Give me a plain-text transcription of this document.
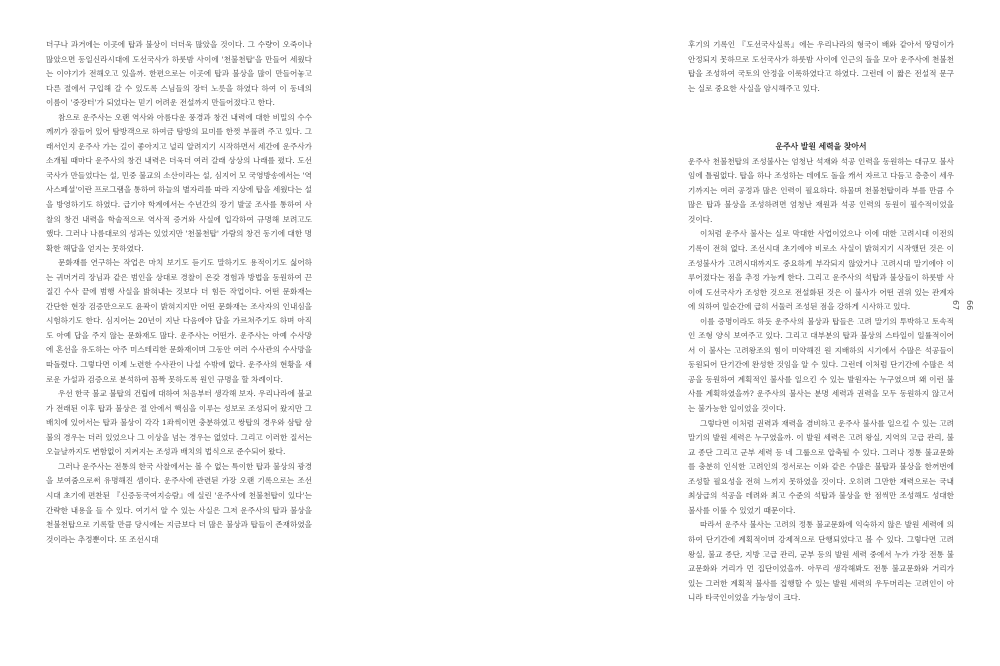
더구나 과거에는 이곳에 탑과 불상이 더더욱 많았을 것이다. 그 수량이 오죽이나 많았으면 동일신라시대에 도선국사가 하룻밤 사이에 '천불천탑'을 만들어 세웠다는 이야기가 전해오고 있을까. 한편으로는 이곳에 탑과 불상을 많이 만들어놓고 다른 절에서 구입해 갈 수 있도록 스님들의 장터 노릇을 하였다 하여 이 동네의 이름이 '중장터'가 되었다는 믿기 어려운 전설까지 만들어졌다고 한다.

참으로 운주사는 오랜 역사와 아름다운 풍경과 창건 내력에 대한 비밀의 수수께끼가 잠들어 있어 탐방객으로 하여금 탐방의 묘미를 한껏 부풀려 주고 있다. 그래서인지 운주사 가는 길이 좋아지고 널리 알려지기 시작하면서 세간에 운주사가 소개될 때마다 운주사의 창건 내력은 더욱더 여러 갈래 상상의 나래를 폈다. 도선국사가 만들었다는 설, 민중 불교의 소산이라는 설, 심지어 모 국영방송에서는 '역사스페셜'이란 프로그램을 통하여 하늘의 별자리를 따라 지상에 탑을 세웠다는 설을 방영하기도 하였다. 급기야 학계에서는 수년간의 장기 발굴 조사를 통하여 사찰의 창건 내력을 학술적으로 역사적 증거와 사실에 입각하여 규명해 보려고도 했다. 그러나 나름대로의 성과는 있었지만 '천불천탑' 가람의 창건 동기에 대한 명확한 해답을 얻지는 못하였다.

문화재를 연구하는 작업은 마치 보기도 듣기도 말하기도 용적이기도 싫어하는 귀머거리 장님과 같은 범인을 상대로 경찰이 온갖 경험과 방법을 동원하여 끈질긴 수사 끝에 범행 사실을 밝혀내는 것보다 더 힘든 작업이다. 어떤 문화재는 간단한 현장 검증만으로도 윤곽이 밝혀지지만 어떤 문화재는 조사자의 인내심을 시험하기도 한다. 심지어는 20년이 지난 다음에야 답을 가르쳐주기도 하며 아직도 아예 답을 주지 않는 문화재도 많다. 운주사는 어떤가. 운주사는 아예 수사망에 혼선을 유도하는 아주 미스테리한 문화재이며 그동안 여러 수사관의 수사망을 따돌렸다. 그렇다면 이제 노련한 수사관이 나설 수밖에 없다. 운주사의 현황을 새로운 가설과 검증으로 분석하여 꼼짝 못하도록 원인 규명을 할 차례이다.

우선 한국 불교 불탑의 건립에 대하여 처음부터 생각해 보자. 우리나라에 불교가 전래된 이후 탑과 불상은 절 안에서 핵심을 이루는 성보로 조성되어 왔지만 그 배치에 있어서는 탑과 불상이 각각 1좌씩이면 충분하였고 쌍탑의 경우와 삼탑 삼불의 경우는 더러 있었으나 그 이상을 넘는 경우는 없었다. 그리고 이러한 질서는 오늘날까지도 변함없이 지켜지는 조성과 배치의 법식으로 준수되어 왔다.

그러나 운주사는 전통의 한국 사찰에서는 볼 수 없는 특이한 탑과 불상의 광경을 보여줌으로써 유명해진 셈이다. 운주사에 관련된 가장 오랜 기록으로는 조선시대 초기에 편찬된 『신증동국여지승람』에 실린 '운주사에 천불천탑이 있다'는 간략한 내용을 들 수 있다. 여기서 알 수 있는 사실은 그저 운주사의 탑과 불상을 천불천탑으로 기록할 만큼 당시에는 지금보다 더 많은 불상과 탑들이 존재하였을 것이라는 추정뿐이다. 또 조선시대

후기의 기록인 『도선국사실록』에는 우리나라의 형국이 배와 같아서 땅덩이가 안정되지 못하므로 도선국사가 하룻밤 사이에 인근의 돌을 모아 운주사에 천불천탑을 조성하여 국토의 안정을 이룩하였다고 하였다. 그런데 이 짧은 전설적 문구는 실로 중요한 사실을 암시해주고 있다.

운주사 발원 세력을 찾아서

운주사 천불천탑의 조성불사는 엄청난 석재와 석공 인력을 동원하는 대규모 불사임에 틀림없다. 탑을 하나 조성하는 데에도 돌을 캐서 자르고 다듬고 층층이 세우기까지는 여러 공정과 많은 인력이 필요하다. 하물며 천불천탑이라 부를 만큼 수많은 탑과 불상을 조성하려면 엄청난 재원과 석공 인력의 동원이 필수적이었을 것이다.

이처럼 운주사 불사는 실로 막대한 사업이었으나 이에 대한 고려시대 이전의 기록이 전혀 없다. 조선시대 초기에야 비로소 사실이 밝혀지기 시작했던 것은 이 조성불사가 고려시대까지도 중요하게 부각되지 않았거나 고려시대 말기에야 이루어졌다는 점을 추정 가능케 한다. 그리고 운주사의 석탑과 불상들이 하룻밤 사이에 도선국사가 조성한 것으로 전설화된 것은 이 불사가 어떤 권위 있는 관계자에 의하여 일순간에 급히 서둘러 조성된 점을 강하게 시사하고 있다.

이를 증명이라도 하듯 운주사의 불상과 탑들은 고려 말기의 투박하고 토속적인 조형 양식 보여주고 있다. 그리고 대부분의 탑과 불상의 스타일이 일률적이어서 이 불사는 고려왕조의 힘이 미약해진 원 지배하의 시기에서 수많은 석공들이 동원되어 단기간에 완성한 것임을 알 수 있다. 그런데 이처럼 단기간에 수많은 석공을 동원하여 계획적인 불사를 일으킨 수 있는 발원자는 누구였으며 왜 이런 불사를 계획하였을까? 운주사의 불사는 분명 세력과 권력을 모두 동원하지 않고서는 불가능한 일이었을 것이다.

그렇다면 이처럼 권력과 재력을 겸비하고 운주사 불사를 일으킬 수 있는 고려 말기의 발원 세력은 누구였을까. 이 발원 세력은 고려 왕실, 지역의 고급 관리, 불교 종단 그리고 군부 세력 등 네 그룹으로 압축될 수 있다. 그러나 정통 불교문화를 충분히 인식한 고려인의 정서로는 이와 같은 수많은 불탑과 불상을 한꺼번에 조성할 필요성을 전혀 느끼지 못하였을 것이다. 오히려 그만한 재력으로는 국내 최상급의 석공을 데려와 최고 수준의 석탑과 불상을 한 점씩만 조성해도 성대한 불사를 이룰 수 있었기 때문이다.

따라서 운주사 불사는 고려의 정통 불교문화에 익숙하지 않은 발원 세력에 의하여 단기간에 계획적이며 강제적으로 단행되었다고 볼 수 있다. 그렇다면 고려 왕실, 불교 종단, 지방 고급 관리, 군부 등의 발원 세력 중에서 누가 가장 전통 불교문화와 거리가 먼 집단이었을까. 아무리 생각해봐도 전통 불교문화와 거리가 있는 그러한 계획적 불사를 집행할 수 있는 발원 세력의 우두머리는 고려인이 아니라 타국인이었을 가능성이 크다.

66
67
